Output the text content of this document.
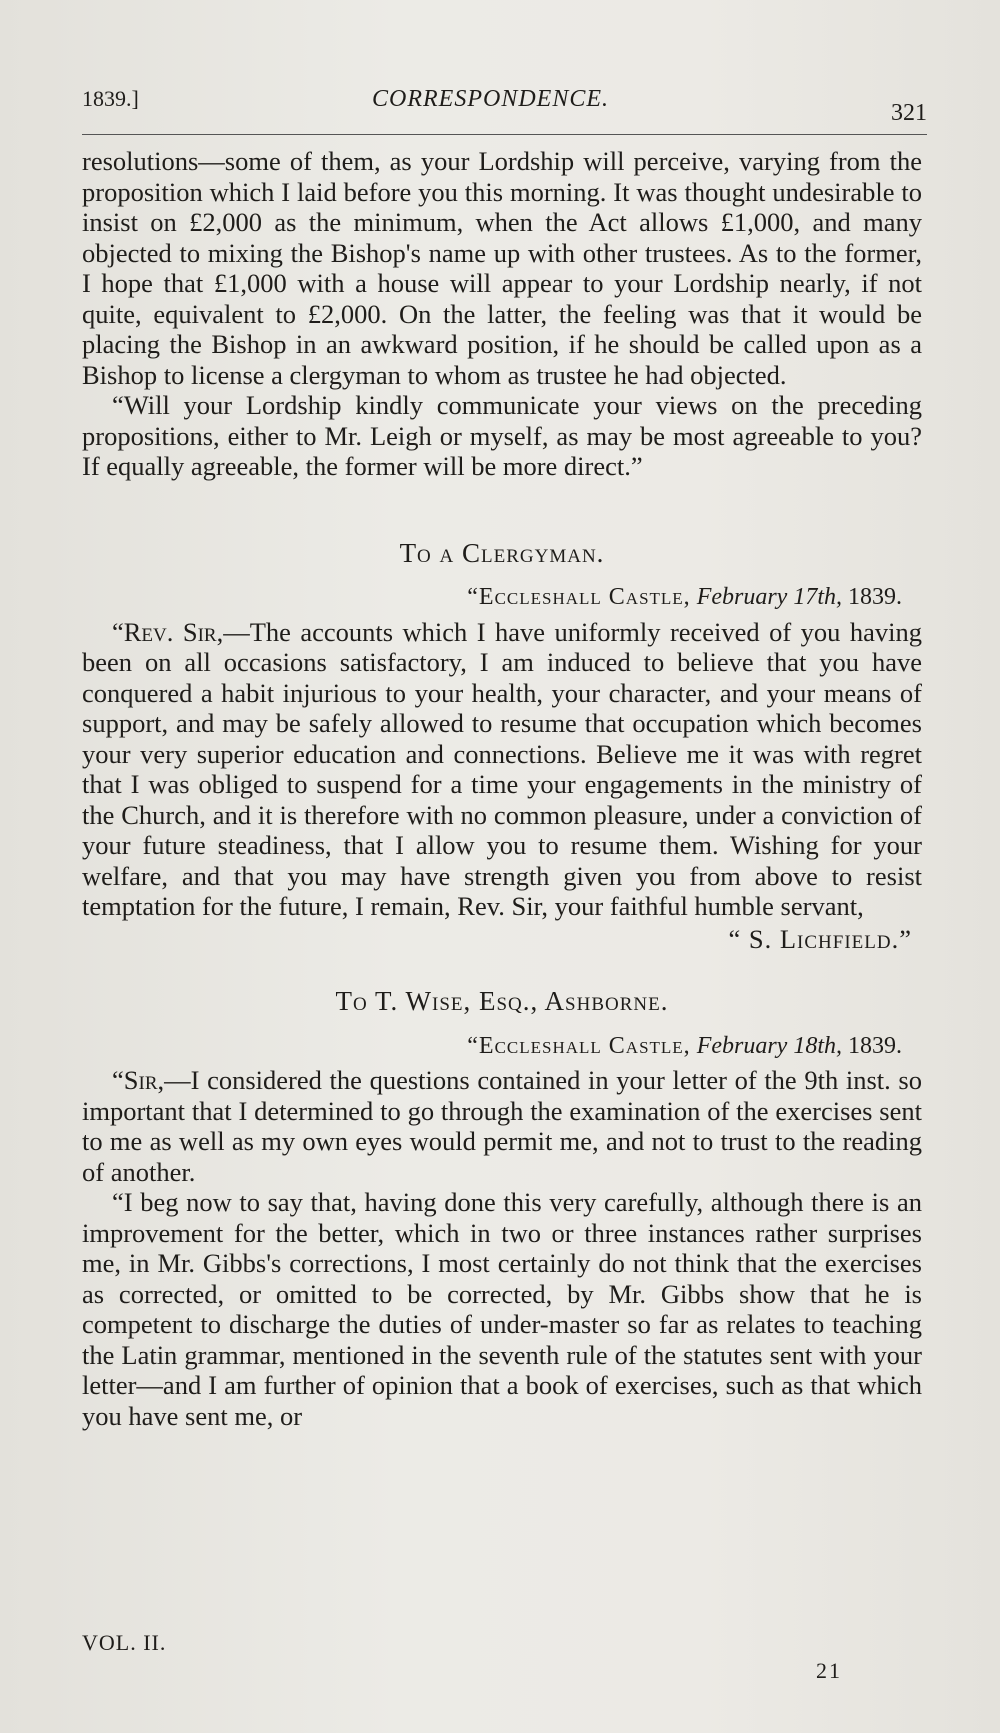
1839.]	CORRESPONDENCE.
321

resolutions—some of them, as your Lordship will perceive, varying from the proposition which I laid before you this morning. It was thought undesirable to insist on £2,000 as the minimum, when the Act allows £1,000, and many objected to mixing the Bishop's name up with other trustees. As to the former, I hope that £1,000 with a house will appear to your Lordship nearly, if not quite, equivalent to £2,000. On the latter, the feeling was that it would be placing the Bishop in an awkward position, if he should be called upon as a Bishop to license a clergyman to whom as trustee he had objected.

“Will your Lordship kindly communicate your views on the preceding propositions, either to Mr. Leigh or myself, as may be most agreeable to you? If equally agreeable, the former will be more direct.”

To a Clergyman.
“Eccleshall Castle, February 17th, 1839.

“Rev. Sir,—The accounts which I have uniformly received of you having been on all occasions satisfactory, I am induced to believe that you have conquered a habit injurious to your health, your character, and your means of support, and may be safely allowed to resume that occupation which becomes your very superior education and connections. Believe me it was with regret that I was obliged to suspend for a time your engagements in the ministry of the Church, and it is therefore with no common pleasure, under a conviction of your future steadiness, that I allow you to resume them. Wishing for your welfare, and that you may have strength given you from above to resist temptation for the future, I remain, Rev. Sir, your faithful humble servant,

“ S. Lichfield.”
To T. Wise, Esq., Ashborne.
“Eccleshall Castle, February 18th, 1839.

“Sir,—I considered the questions contained in your letter of the 9th inst. so important that I determined to go through the examination of the exercises sent to me as well as my own eyes would permit me, and not to trust to the reading of another.

“I beg now to say that, having done this very carefully, although there is an improvement for the better, which in two or three instances rather surprises me, in Mr. Gibbs's corrections, I most certainly do not think that the exercises as corrected, or omitted to be corrected, by Mr. Gibbs show that he is competent to discharge the duties of under-master so far as relates to teaching the Latin grammar, mentioned in the seventh rule of the statutes sent with your letter—and I am further of opinion that a book of exercises, such as that which you have sent me, or

VOL. II.
21
